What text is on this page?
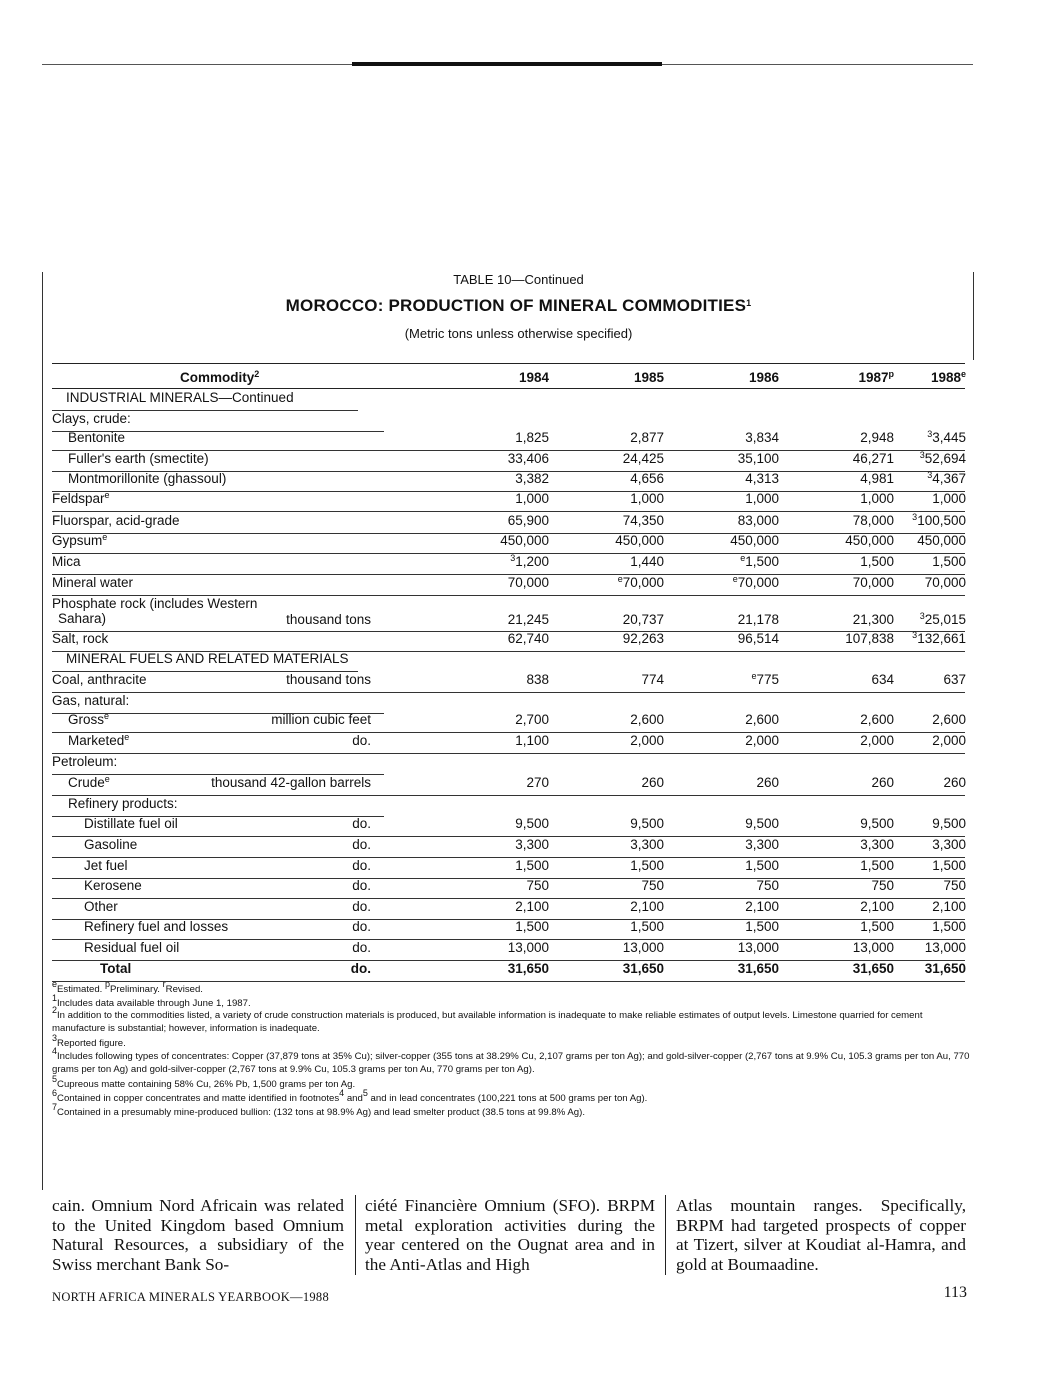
TABLE 10—Continued
MOROCCO: PRODUCTION OF MINERAL COMMODITIES$^1$
(Metric tons unless otherwise specified)
Commodity$^2$	1984	1985	1986	1987$^p$	1988e
INDUSTRIAL MINERALS—Continued
Clays, crude:
Bentonite	1,825	2,877	3,834	2,948	$^3$3,445
Fuller's earth (smectite)	33,406	24,425	35,100	46,271	$^3$52,694
Montmorillonite (ghassoul)	3,382	4,656	4,313	4,981	$^3$4,367
Feldspar$^e$	1,000	1,000	1,000	1,000	1,000
Fluorspar, acid-grade	65,900	74,350	83,000	78,000 $^3$100,500
Gypsum$^e$	450,000	450,000	450,000	450,000 450,000
Mica	$^3$1,200	1,440	$^e$1,500	1,500	1,500
Mineral water	70,000	$^e$70,000	$^e$70,000	70,000 70,000
Phosphate rock (includes Western
Sahara)	thousand tons	21,245	20,737	21,178	21,300	$^3$25,015
Salt, rock	62,740	92,263	96,514	107,838 $^3$132,661
MINERAL FUELS AND RELATED MATERIALS
Coal, anthracite	thousand tons	838	774	$^e$775	634	637
Gas, natural:
Gross$^e$	million cubic feet	2,700	2,600	2,600	2,600	2,600
Marketed$^e$	do.	1,100	2,000	2,000	2,000	2,000
Petroleum:
Crude$^e$	thousand 42-gallon barrels	270	260	260	260	260
Refinery products:
Distillate fuel oil	do.	9,500	9,500	9,500	9,500	9,500
Gasoline	do.	3,300	3,300	3,300	3,300	3,300
Jet fuel	do.	1,500	1,500	1,500	1,500	1,500
Kerosene	do.	750	750	750	750	750
Other	do.	2,100	2,100	2,100	2,100	2,100
Refinery fuel and losses	do.	1,500	1,500	1,500	1,500	1,500
Residual fuel oil	do.	13,000	13,000	13,000	13,000 13,000
Total	do.	31,650	31,650	31,650	31,650 31,650
$^e$Estimated. $^p$Preliminary. $^r$Revised.
$^1$Includes data available through June 1, 1987.
$^2$In addition to the commodities listed, a variety of crude construction materials is produced, but available information is inadequate to make reliable estimates of output levels. Limestone quarried for cement manufacture is substantial; however, information is inadequate.
$^3$Reported figure.
$^4$Includes following types of concentrates: Copper (37,879 tons at 35% Cu); silver-copper (355 tons at 38.29% Cu, 2,107 grams per ton Ag); and gold-silver-copper (2,767 tons at 9.9% Cu, 105.3 grams per ton Au, 770 grams per ton Ag) and gold-silver-copper (2,767 tons at 9.9% Cu, 105.3 grams per ton Au, 770 grams per ton Ag).
$^5$Cupreous matte containing 58% Cu, 26% Pb, 1,500 grams per ton Ag.
$^6$Contained in copper concentrates and matte identified in footnotes$^4$ and$^5$ and in lead concentrates (100,221 tons at 500 grams per ton Ag).
$^7$Contained in a presumably mine-produced bullion: (132 tons at 98.9% Ag) and lead smelter product (38.5 tons at 99.8% Ag).

cain. Omnium Nord Africain was related to the United Kingdom based Omnium Natural Resources, a subsidiary of the Swiss merchant Bank So-

ciété Financière Omnium (SFO). BRPM metal exploration activities during the year centered on the Ougnat area and in the Anti-Atlas and High

Atlas mountain ranges. Specifically, BRPM had targeted prospects of copper at Tizert, silver at Koudiat al-Hamra, and gold at Boumaadine.

NORTH AFRICA MINERALS YEARBOOK—1988	113
